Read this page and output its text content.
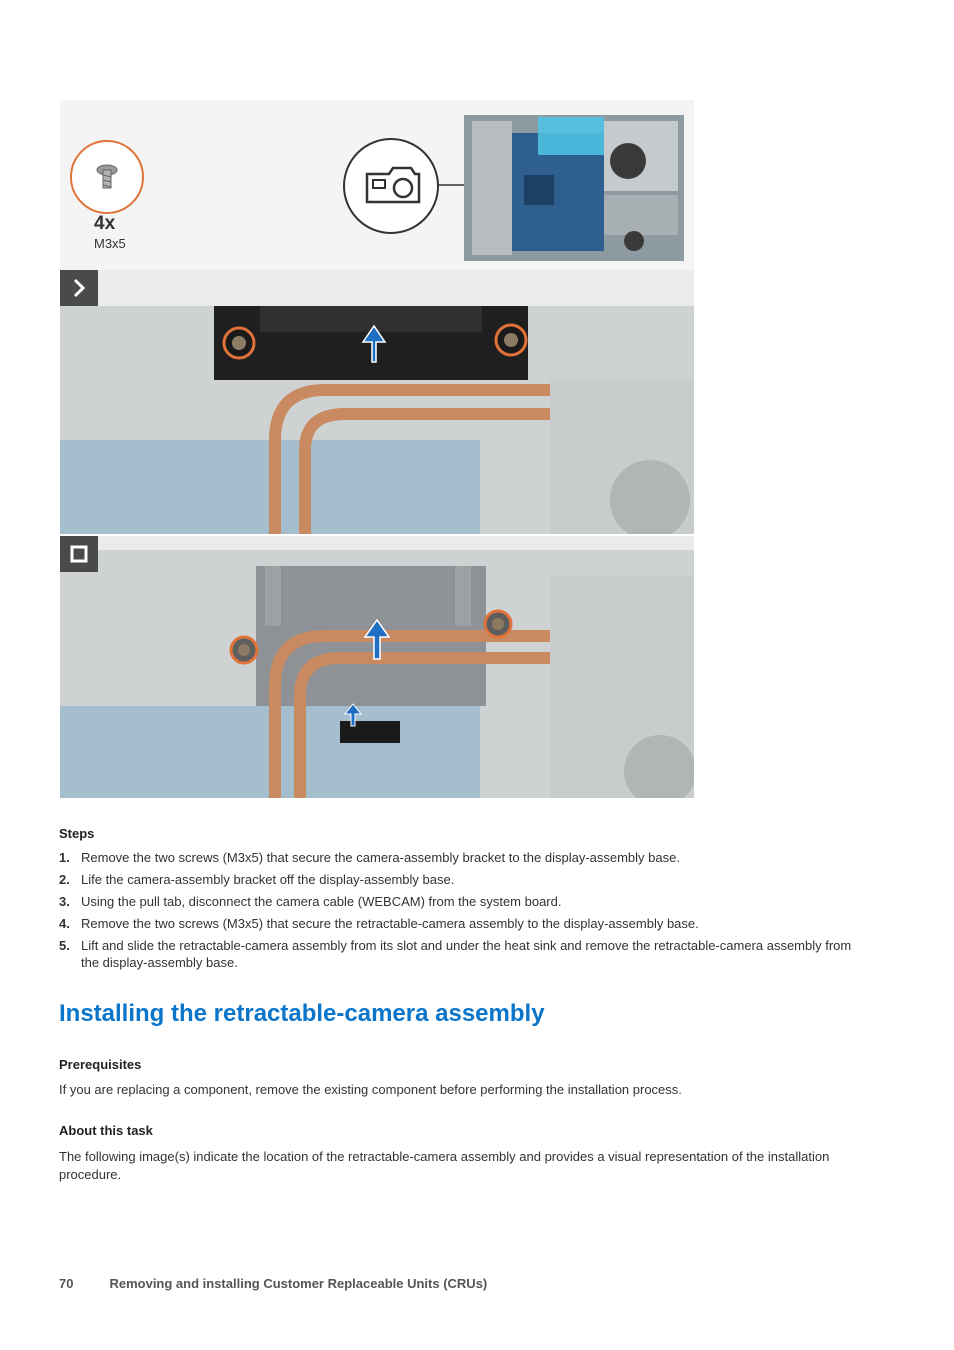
4x
M3x5
Steps
1. Remove the two screws (M3x5) that secure the camera-assembly bracket to the display-assembly base.
2. Life the camera-assembly bracket off the display-assembly base.
3. Using the pull tab, disconnect the camera cable (WEBCAM) from the system board.
4. Remove the two screws (M3x5) that secure the retractable-camera assembly to the display-assembly base.
5. Lift and slide the retractable-camera assembly from its slot and under the heat sink and remove the retractable-camera assembly from the display-assembly base.
Installing the retractable-camera assembly
Prerequisites

If you are replacing a component, remove the existing component before performing the installation process.

About this task

The following image(s) indicate the location of the retractable-camera assembly and provides a visual representation of the installation procedure.

70	Removing and installing Customer Replaceable Units (CRUs)
